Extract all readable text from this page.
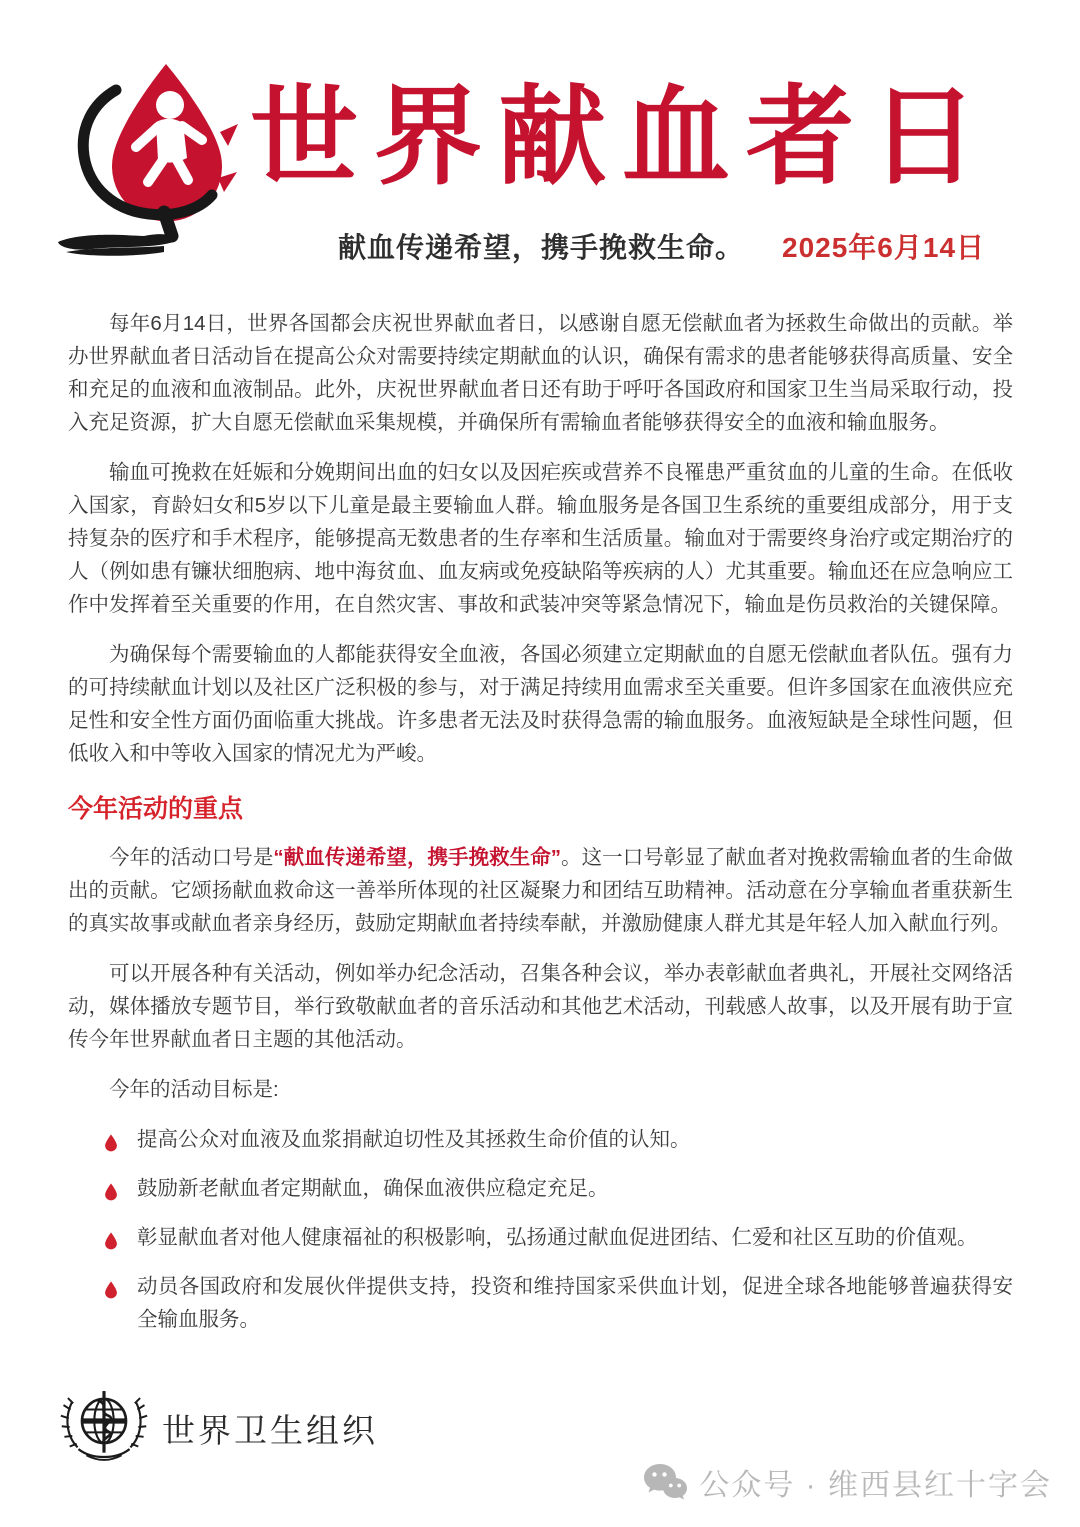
世界献血者日
献血传递希望，携手挽救生命。 2025年6月14日

每年6月14日，世界各国都会庆祝世界献血者日，以感谢自愿无偿献血者为拯救生命做出的贡献。举办世界献血者日活动旨在提高公众对需要持续定期献血的认识，确保有需求的患者能够获得高质量、安全和充足的血液和血液制品。此外，庆祝世界献血者日还有助于呼吁各国政府和国家卫生当局采取行动，投入充足资源，扩大自愿无偿献血采集规模，并确保所有需输血者能够获得安全的血液和输血服务。

输血可挽救在妊娠和分娩期间出血的妇女以及因疟疾或营养不良罹患严重贫血的儿童的生命。在低收入国家，育龄妇女和5岁以下儿童是最主要输血人群。输血服务是各国卫生系统的重要组成部分，用于支持复杂的医疗和手术程序，能够提高无数患者的生存率和生活质量。输血对于需要终身治疗或定期治疗的人（例如患有镰状细胞病、地中海贫血、血友病或免疫缺陷等疾病的人）尤其重要。输血还在应急响应工作中发挥着至关重要的作用，在自然灾害、事故和武装冲突等紧急情况下，输血是伤员救治的关键保障。

为确保每个需要输血的人都能获得安全血液，各国必须建立定期献血的自愿无偿献血者队伍。强有力的可持续献血计划以及社区广泛积极的参与，对于满足持续用血需求至关重要。但许多国家在血液供应充足性和安全性方面仍面临重大挑战。许多患者无法及时获得急需的输血服务。血液短缺是全球性问题，但低收入和中等收入国家的情况尤为严峻。

今年活动的重点

今年的活动口号是“献血传递希望，携手挽救生命”。这一口号彰显了献血者对挽救需输血者的生命做出的贡献。它颂扬献血救命这一善举所体现的社区凝聚力和团结互助精神。活动意在分享输血者重获新生的真实故事或献血者亲身经历，鼓励定期献血者持续奉献，并激励健康人群尤其是年轻人加入献血行列。

可以开展各种有关活动，例如举办纪念活动，召集各种会议，举办表彰献血者典礼，开展社交网络活动，媒体播放专题节目，举行致敬献血者的音乐活动和其他艺术活动，刊载感人故事，以及开展有助于宣传今年世界献血者日主题的其他活动。

今年的活动目标是:

提高公众对血液及血浆捐献迫切性及其拯救生命价值的认知。
鼓励新老献血者定期献血，确保血液供应稳定充足。
彰显献血者对他人健康福祉的积极影响，弘扬通过献血促进团结、仁爱和社区互助的价值观。
动员各国政府和发展伙伴提供支持，投资和维持国家采供血计划，促进全球各地能够普遍获得安全输血服务。
世界卫生组织
公众号 · 维西县红十字会
